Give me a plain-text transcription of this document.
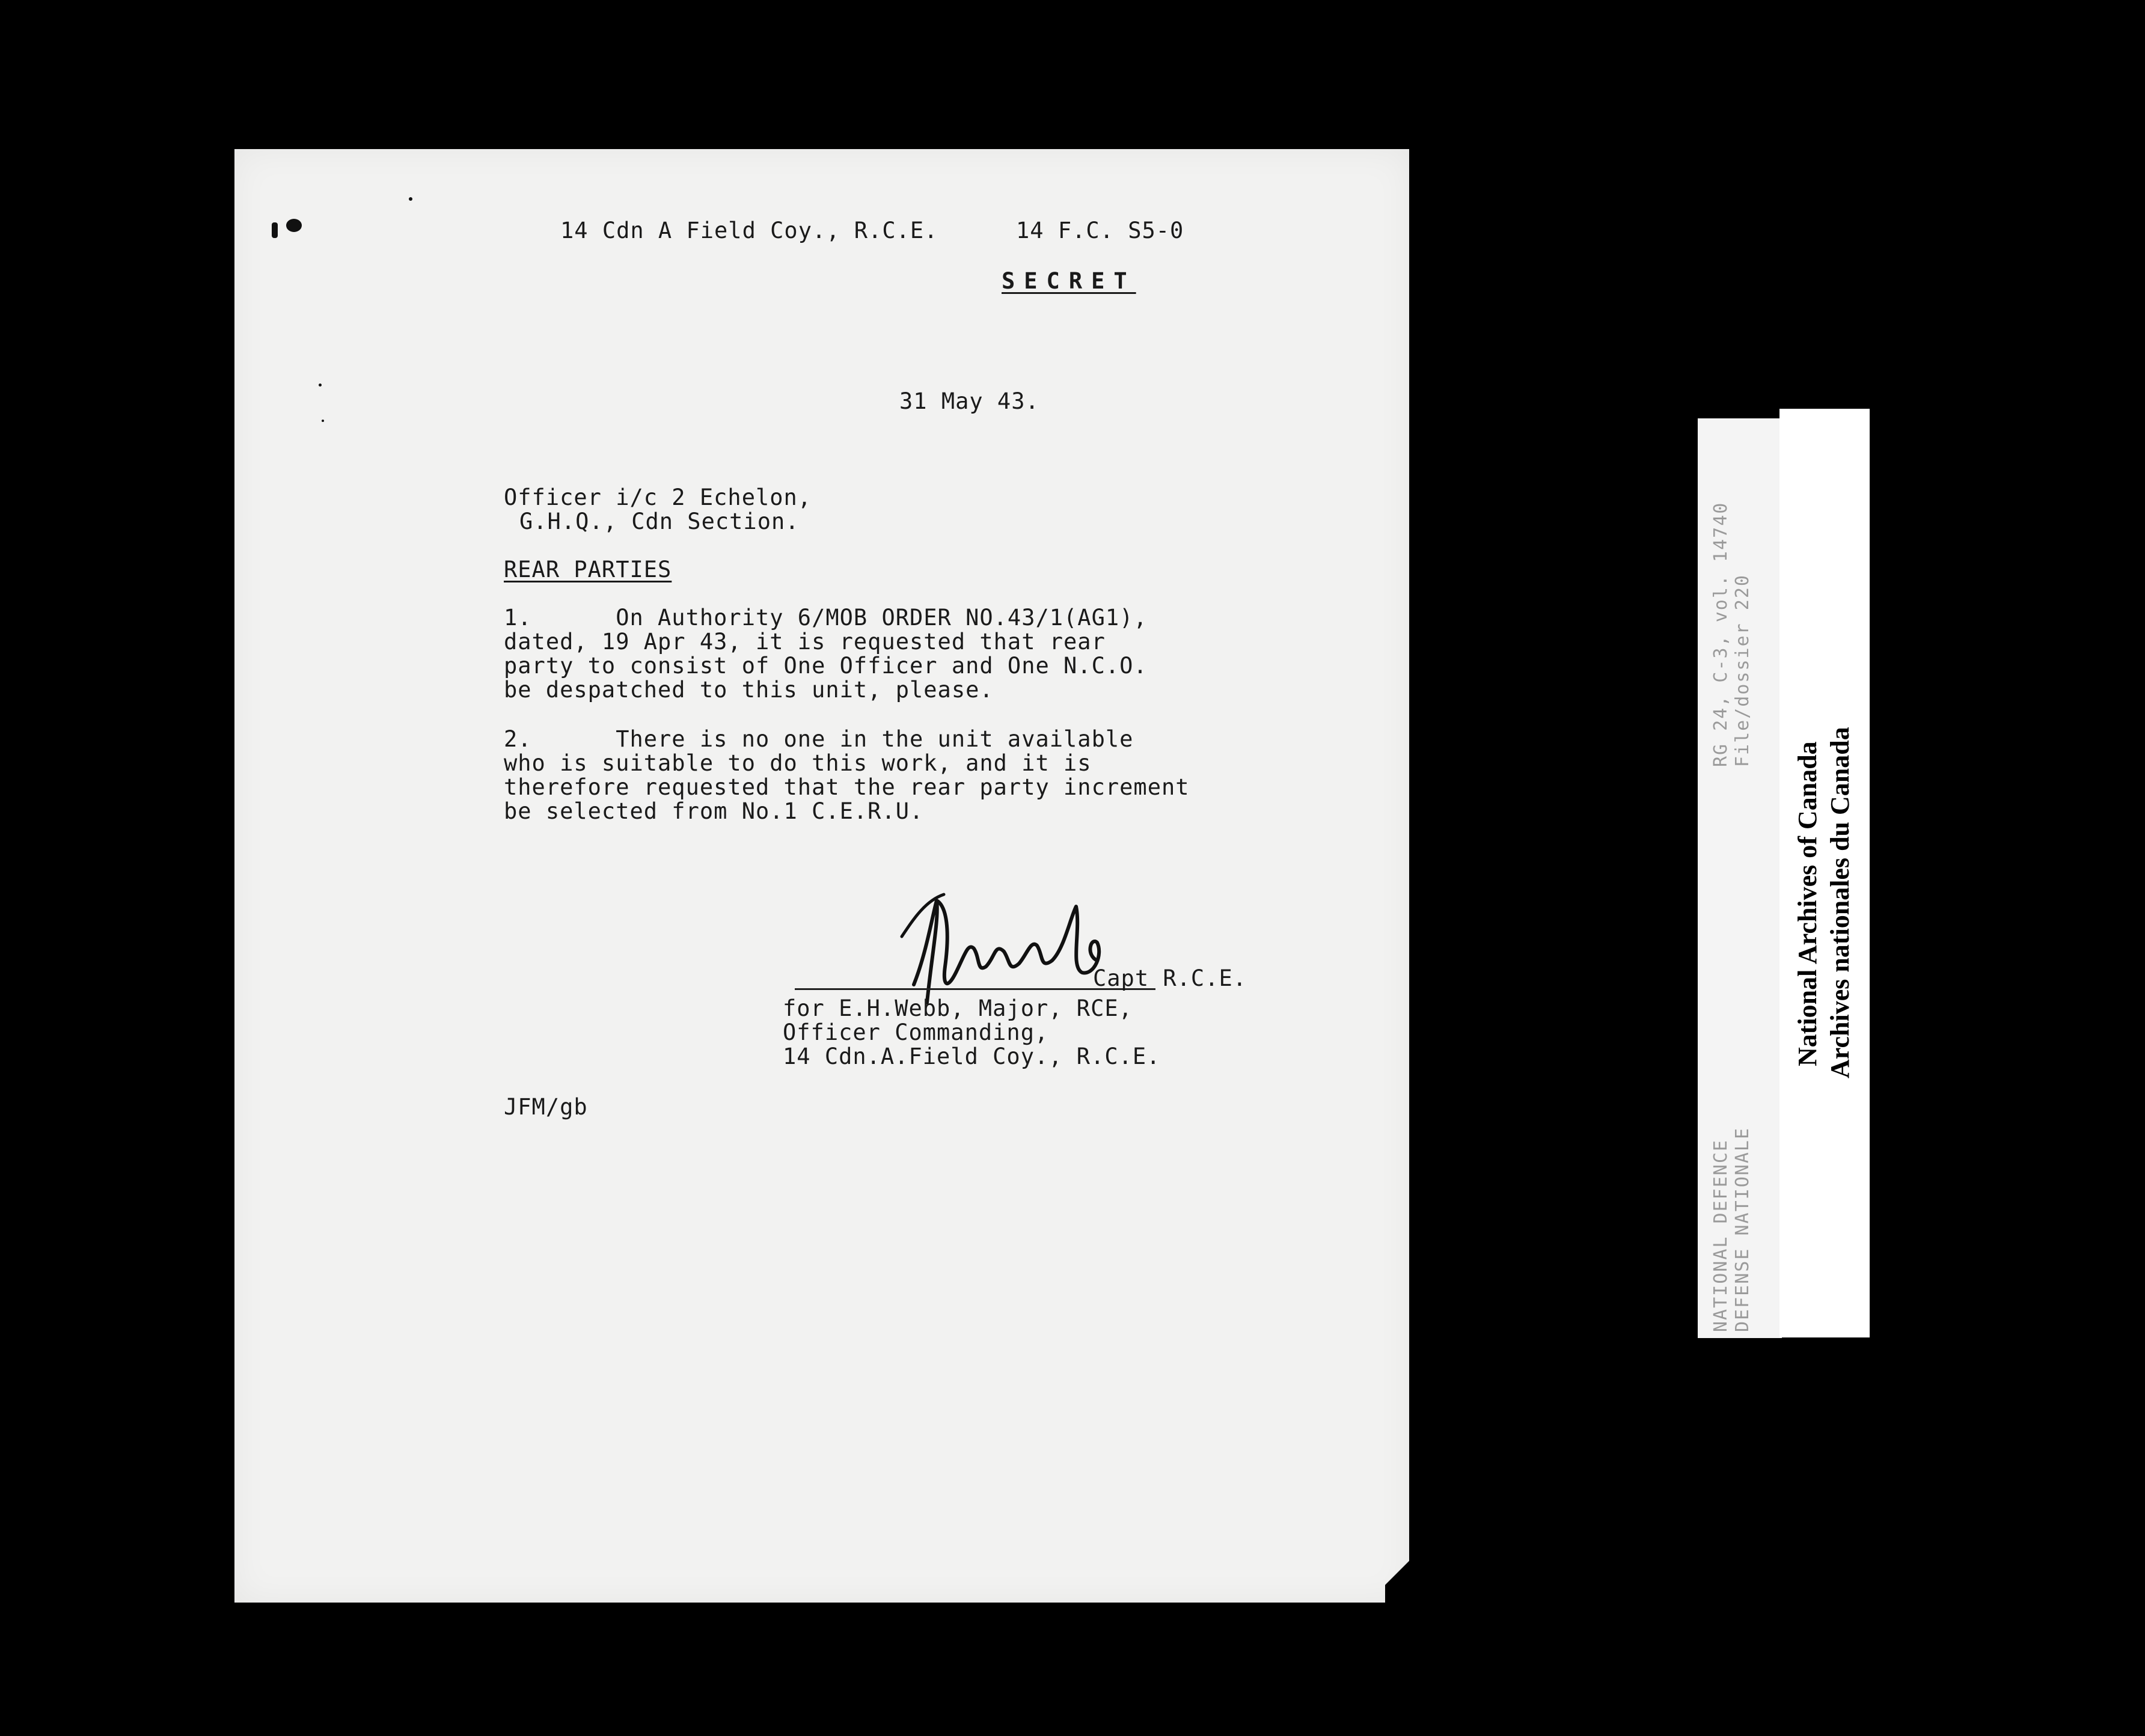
14 Cdn A Field Coy., R.C.E.	14 F.C. S5-0
SECRET
31 May 43.
Officer i/c 2 Echelon,
G.H.Q., Cdn Section.
REAR PARTIES
1.      On Authority 6/MOB ORDER NO.43/1(AG1),
dated, 19 Apr 43, it is requested that rear
party to consist of One Officer and One N.C.O.
be despatched to this unit, please.
2.      There is no one in the unit available
who is suitable to do this work, and it is
therefore requested that the rear party increment
be selected from No.1 C.E.R.U.
Capt R.C.E.
for E.H.Webb, Major, RCE,
Officer Commanding,
14 Cdn.A.Field Coy., R.C.E.
JFM/gb
RG 24, C-3, vol. 14740 File/dossier 220
NATIONAL DEFENCE DEFENSE NATIONALE
National Archives of Canada Archives nationales du Canada
